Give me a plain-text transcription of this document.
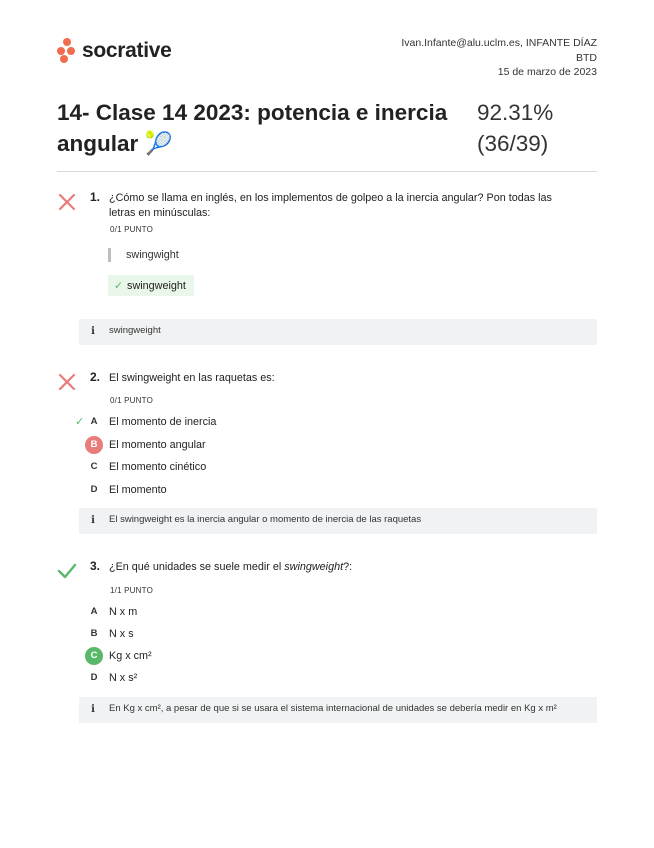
socrative	Ivan.Infante@alu.uclm.es, INFANTE DÍAZ
BTD
15 de marzo de 2023
14- Clase 14 2023: potencia e inercia angular 🎾
92.31%
(36/39)
1. ¿Cómo se llama en inglés, en los implementos de golpeo a la inercia angular? Pon todas las letras en minúsculas:
0/1 PUNTO
swingwight
✓ swingweight
i	swingweight
2. El swingweight en las raquetas es:
0/1 PUNTO
✓ A	El momento de inercia
B	El momento angular
C	El momento cinético
D	El momento
i	El swingweight es la inercia angular o momento de inercia de las raquetas
3. ¿En qué unidades se suele medir el swingweight?:
1/1 PUNTO
A	N x m
B	N x s
C	Kg x cm²
D	N x s²
i	En Kg x cm², a pesar de que si se usara el sistema internacional de unidades se debería medir en Kg x m²
